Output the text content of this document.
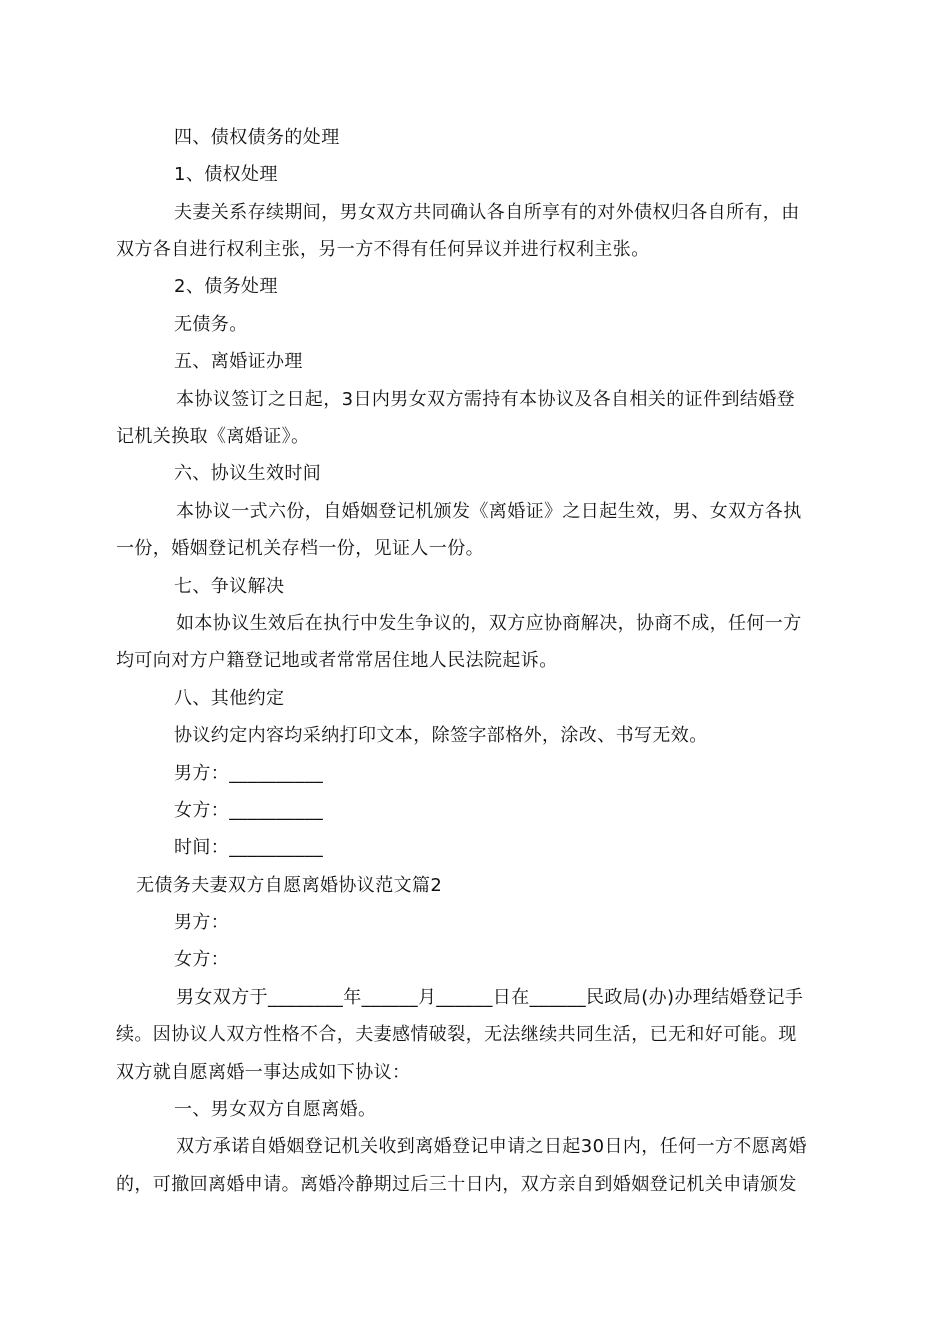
四、债权债务的处理
1、债权处理
夫妻关系存续期间，男女双方共同确认各自所享有的对外债权归各自所有，由
双方各自进行权利主张，另一方不得有任何异议并进行权利主张。
2、债务处理
无债务。
五、离婚证办理
本协议签订之日起，3日内男女双方需持有本协议及各自相关的证件到结婚登
记机关换取《离婚证》。
六、协议生效时间
本协议一式六份，自婚姻登记机颁发《离婚证》之日起生效，男、女双方各执
一份，婚姻登记机关存档一份，见证人一份。
七、争议解决
如本协议生效后在执行中发生争议的，双方应协商解决，协商不成，任何一方
均可向对方户籍登记地或者常常居住地人民法院起诉。
八、其他约定
协议约定内容均采纳打印文本，除签字部格外，涂改、书写无效。
男方：__________
女方：__________
时间：__________
无债务夫妻双方自愿离婚协议范文篇2
男方：
女方：
男女双方于________年______月______日在______民政局(办)办理结婚登记手
续。因协议人双方性格不合，夫妻感情破裂，无法继续共同生活，已无和好可能。现
双方就自愿离婚一事达成如下协议：
一、男女双方自愿离婚。
双方承诺自婚姻登记机关收到离婚登记申请之日起30日内，任何一方不愿离婚
的，可撤回离婚申请。离婚冷静期过后三十日内，双方亲自到婚姻登记机关申请颁发
